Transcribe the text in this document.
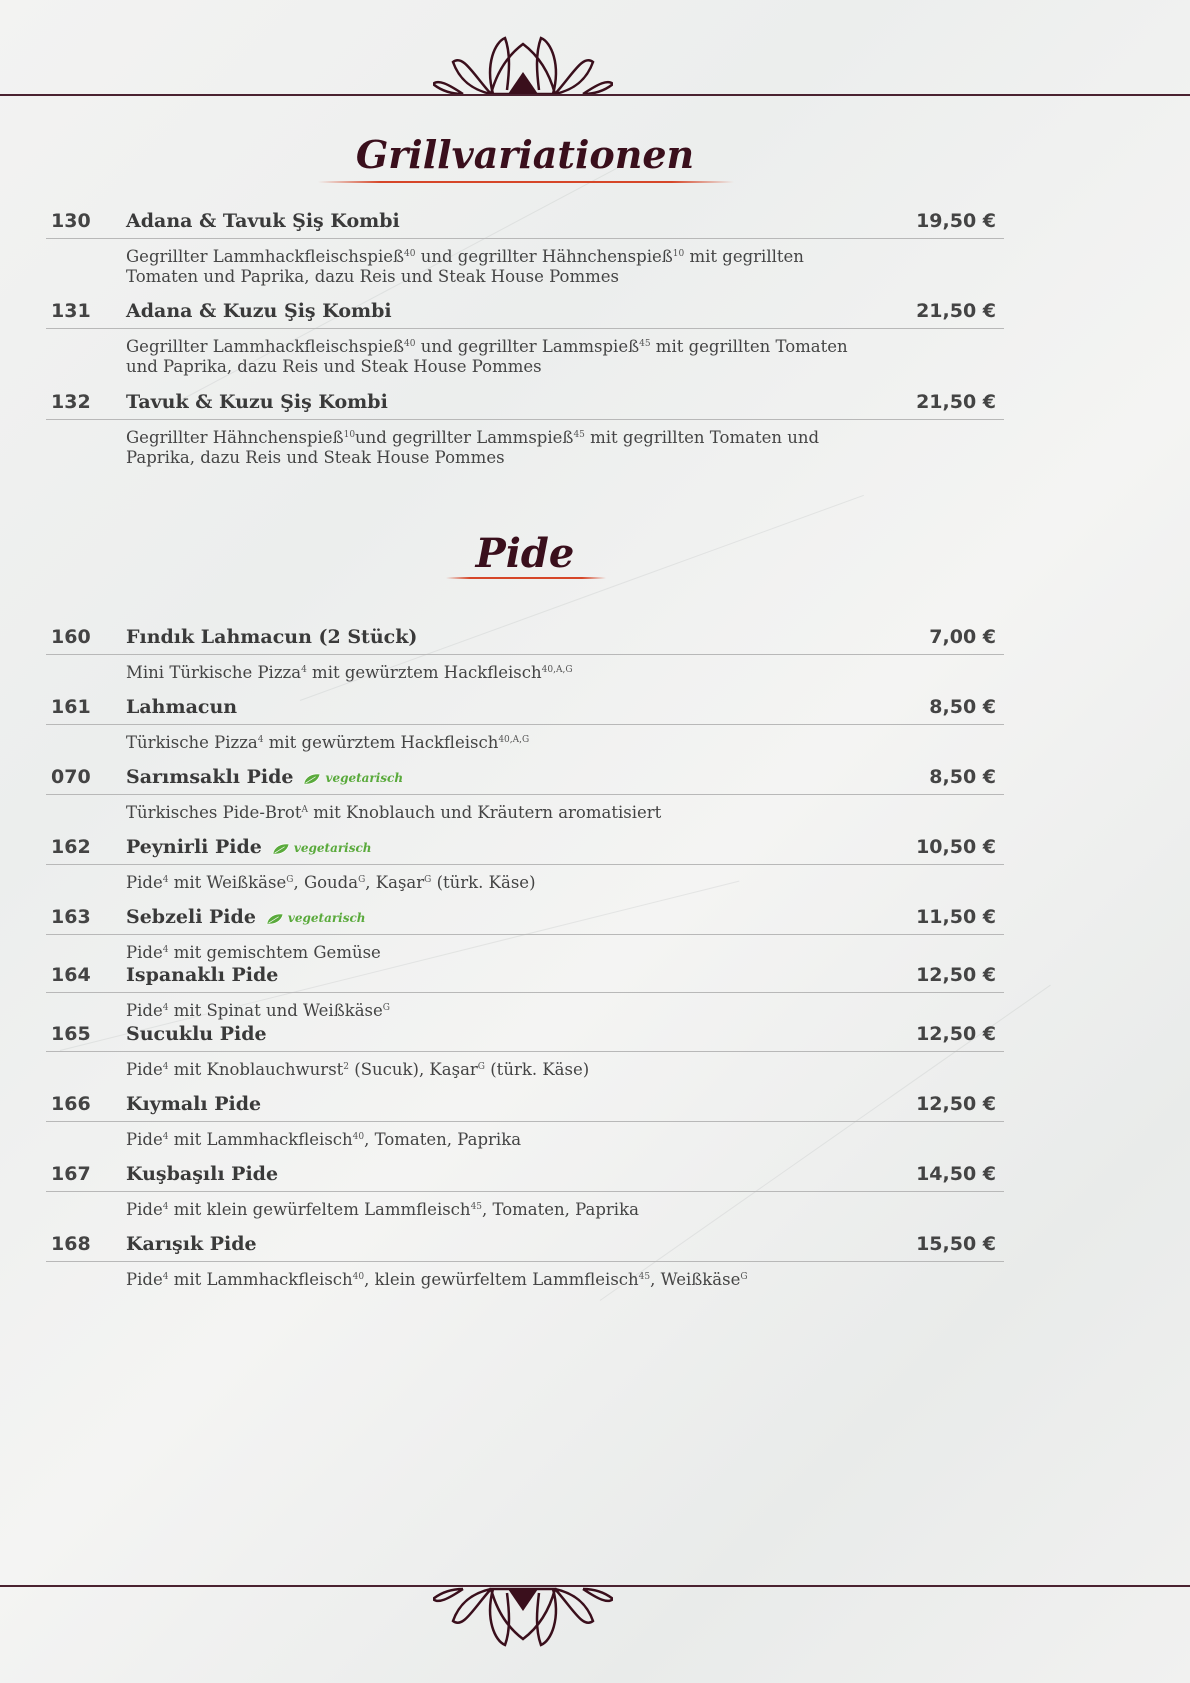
Grillvariationen
130 Adana & Tavuk Şiş Kombi	19,50 €
Gegrillter Lammhackfleischspieß$^{40}$ und gegrillter Hähnchenspieß$^{10}$ mit gegrillten Tomaten und Paprika, dazu Reis und Steak House Pommes
131 Adana & Kuzu Şiş Kombi	21,50 €
Gegrillter Lammhackfleischspieß$^{40}$ und gegrillter Lammspieß$^{45}$ mit gegrillten Tomaten und Paprika, dazu Reis und Steak House Pommes
132 Tavuk & Kuzu Şiş Kombi	21,50 €
Gegrillter Hähnchenspieß$^{10}$und gegrillter Lammspieß$^{45}$ mit gegrillten Tomaten und Paprika, dazu Reis und Steak House Pommes
Pide
160 Fındık Lahmacun (2 Stück)	7,00 €
Mini Türkische Pizza$^4$ mit gewürztem Hackfleisch$^{40,A,G}$
161 Lahmacun	8,50 €
Türkische Pizza$^4$ mit gewürztem Hackfleisch$^{40,A,G}$
070 Sarımsaklı Pide	vegetarisch	8,50 €
Türkisches Pide-Brot$^A$ mit Knoblauch und Kräutern aromatisiert
162 Peynirli Pide	vegetarisch	10,50 €
Pide$^4$ mit Weißkäse$^G$, Gouda$^G$, Kaşar$^G$ (türk. Käse)
163 Sebzeli Pide	vegetarisch	11,50 €
Pide$^4$ mit gemischtem Gemüse
164 Ispanaklı Pide	12,50 €
Pide$^4$ mit Spinat und Weißkäse$^G$
165 Sucuklu Pide	12,50 €
Pide$^4$ mit Knoblauchwurst$^2$ (Sucuk), Kaşar$^G$ (türk. Käse)
166 Kıymalı Pide	12,50 €
Pide$^4$ mit Lammhackfleisch$^{40}$, Tomaten, Paprika
167 Kuşbaşılı Pide	14,50 €
Pide$^4$ mit klein gewürfeltem Lammfleisch$^{45}$, Tomaten, Paprika
168 Karışık Pide	15,50 €
Pide$^4$ mit Lammhackfleisch$^{40}$, klein gewürfeltem Lammfleisch$^{45}$, Weißkäse$^G$
